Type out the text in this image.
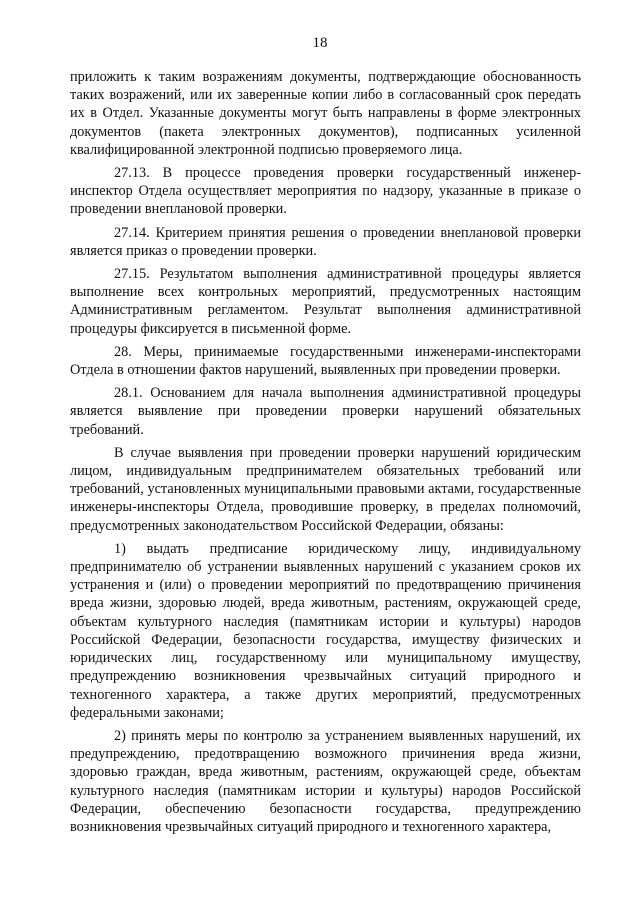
18

приложить к таким возражениям документы, подтверждающие обоснованность таких возражений, или их заверенные копии либо в согласованный срок передать их в Отдел. Указанные документы могут быть направлены в форме электронных документов (пакета электронных документов), подписанных усиленной квалифицированной электронной подписью проверяемого лица.

27.13. В процессе проведения проверки государственный инженер-инспектор Отдела осуществляет мероприятия по надзору, указанные в приказе о проведении внеплановой проверки.

27.14. Критерием принятия решения о проведении внеплановой проверки является приказ о проведении проверки.

27.15. Результатом выполнения административной процедуры является выполнение всех контрольных мероприятий, предусмотренных настоящим Административным регламентом. Результат выполнения административной процедуры фиксируется в письменной форме.

28. Меры, принимаемые государственными инженерами-инспекторами Отдела в отношении фактов нарушений, выявленных при проведении проверки.

28.1. Основанием для начала выполнения административной процедуры является выявление при проведении проверки нарушений обязательных требований.

В случае выявления при проведении проверки нарушений юридическим лицом, индивидуальным предпринимателем обязательных требований или требований, установленных муниципальными правовыми актами, государственные инженеры-инспекторы Отдела, проводившие проверку, в пределах полномочий, предусмотренных законодательством Российской Федерации, обязаны:

1) выдать предписание юридическому лицу, индивидуальному предпринимателю об устранении выявленных нарушений с указанием сроков их устранения и (или) о проведении мероприятий по предотвращению причинения вреда жизни, здоровью людей, вреда животным, растениям, окружающей среде, объектам культурного наследия (памятникам истории и культуры) народов Российской Федерации, безопасности государства, имуществу физических и юридических лиц, государственному или муниципальному имуществу, предупреждению возникновения чрезвычайных ситуаций природного и техногенного характера, а также других мероприятий, предусмотренных федеральными законами;

2) принять меры по контролю за устранением выявленных нарушений, их предупреждению, предотвращению возможного причинения вреда жизни, здоровью граждан, вреда животным, растениям, окружающей среде, объектам культурного наследия (памятникам истории и культуры) народов Российской Федерации, обеспечению безопасности государства, предупреждению возникновения чрезвычайных ситуаций природного и техногенного характера,
